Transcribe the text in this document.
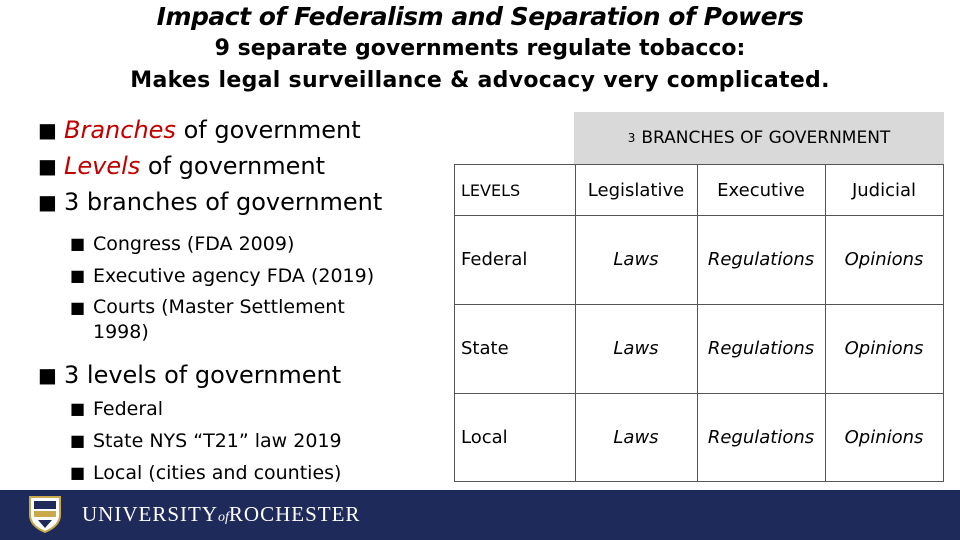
Impact of Federalism and Separation of Powers
9 separate governments regulate tobacco:
Makes legal surveillance & advocacy very complicated.
■ Branches of government
■ Levels of government
■ 3 branches of government
■ Congress (FDA 2009)
■ Executive agency FDA (2019)
■ Courts (Master Settlement
1998)
■ 3 levels of government
■ Federal
■ State NYS “T21” law 2019
■ Local (cities and counties)
3 BRANCHES OF GOVERNMENT
LEVELS	Legislative	Executive	Judicial
Federal	Laws	Regulations	Opinions
State	Laws	Regulations	Opinions
Local	Laws	Regulations	Opinions
UNIVERSITYofROCHESTER
